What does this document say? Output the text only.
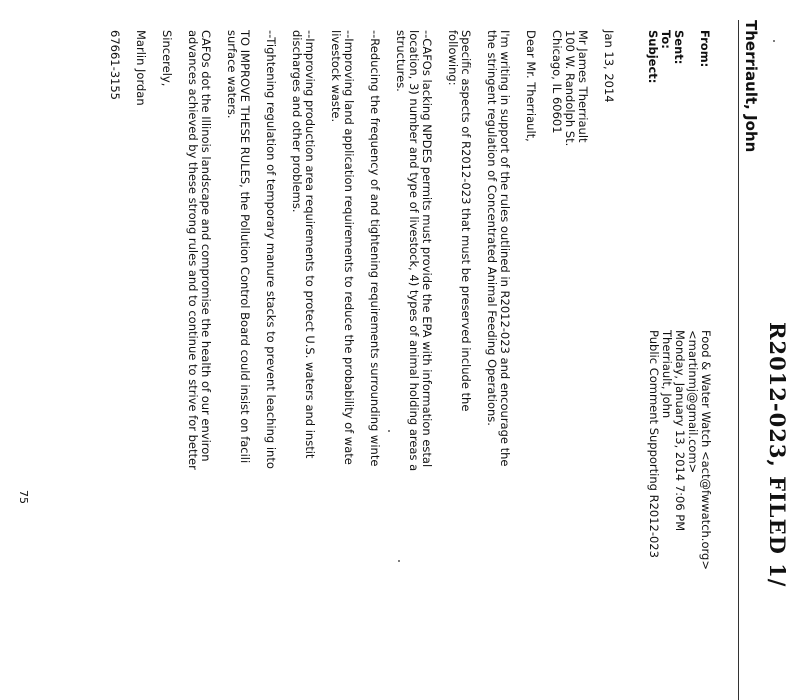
R2012-023, FILED 1/
Therriault, John
From:
Food & Water Watch <act@fwwatch.org>
<martinmj@gmail.com>
Sent:
Monday, January 13, 2014 7:06 PM
To:
Therriault, John
Subject:
Public Comment Supporting R2012-023
Jan 13, 2014
Mr James Therriault
100 W. Randolph St.
Chicago, IL 60601
Dear Mr. Therriault,
I'm writing in support of the rules outlined in R2012-023 and encourage the
the stringent regulation of Concentrated Animal Feeding Operations.
Specific aspects of R2012-023 that must be preserved include the
following:
--CAFOs lacking NPDES permits must provide the EPA with information estal
location, 3) number and type of livestock, 4) types of animal holding areas a
structures.
--Reducing the frequency of and tightening requirements surrounding winte
--Improving land application requirements to reduce the probability of wate
livestock waste.
--Improving production area requirements to protect U.S. waters and instit
discharges and other problems.
--Tightening regulation of temporary manure stacks to prevent leaching into
TO IMPROVE THESE RULES, the Pollution Control Board could insist on facili
surface waters.
CAFOs dot the Illinois landscape and compromise the health of our environ
advances achieved by these strong rules and to continue to strive for better
Sincerely,
Marlin Jordan
67661-3155
75
